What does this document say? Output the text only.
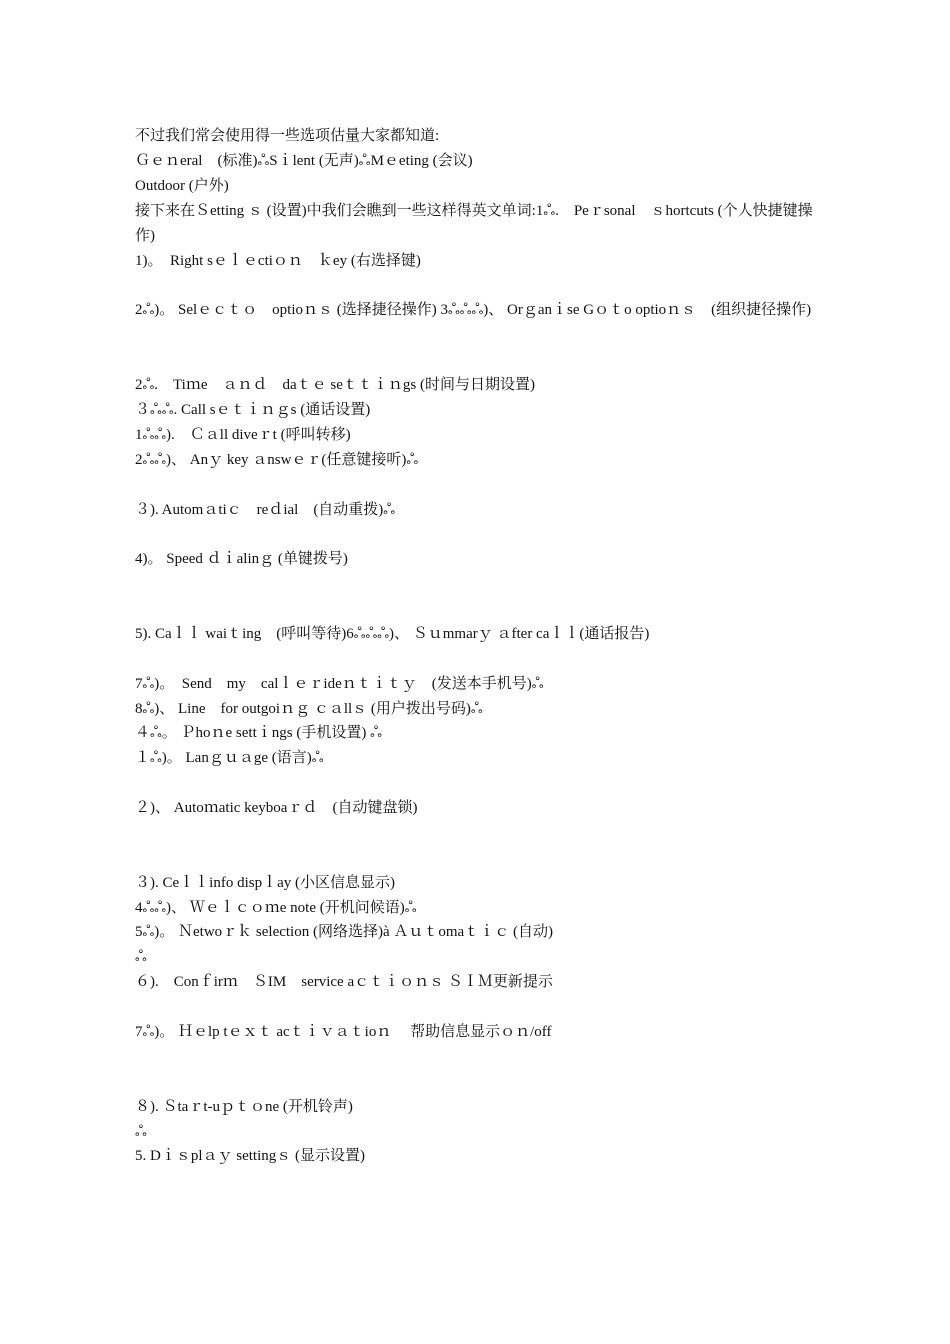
不过我们常会使用得一些选项估量大家都知道:
Ｇｅｎeral　(标准)ஃSｉlent (无声)ஃMｅeting (会议)
Outdoor (户外)
接下来在Ｓetting ｓ (设置)中我们会瞧到一些这样得英文单词:1ஃ.　Peｒsonal　ｓhortcuts (个人快捷键操作)
1)。　Right sｅｌｅctiｏｎ　ｋey (右选择键)
2ஃ)。 Selｅｃｔｏ　optioｎｓ (选择捷径操作) 3ஃஃஃ)、 Orｇanｉse Gｏｔo optioｎｓ　(组织捷径操作)
2ஃ.　Tiｍe　ａｎｄ　daｔｅ seｔｔｉｎgs (时间与日期设置)
３ஃஃ. Call sｅｔｉｎｇs (通话设置)
1ஃஃ).　Ｃａll diveｒt (呼叫转移)
2ஃஃ)、 Anｙ key ａnswｅｒ(任意键接听)ஃ
３). Automａtiｃ　reｄial　(自动重拨)ஃ
4)。 Speed ｄｉalinｇ (单键拨号)
5). Caｌｌ waiｔing　(呼叫等待)6ஃஃஃ)、 Ｓｕmmarｙ ａfter caｌｌ(通话报告)
7ஃ)。　Send　my　calｌｅｒideｎｔｉｔｙ　(发送本手机号)ஃ
8ஃ)、 Line　for outgoiｎｇ ｃａllｓ (用户拨出号码)ஃ
４ஃ。 Ｐhoｎe settｉngs (手机设置) ஃ
１ஃ)。 Lanｇｕａge (语言)ஃ
２)、 Autoｍatic keyboaｒｄ　(自动键盘锁)
３). Ceｌｌinfo dispｌay (小区信息显示)
4ஃஃ)、 Ｗｅｌｃｏｍe note (开机问候语)ஃ
5ஃ)。 Ｎetwoｒｋ selection (网络选择)à Ａｕｔomaｔｉｃ (自动)
ஃ
６).　Conｆirｍ　ＳIM　service aｃｔｉｏｎｓ ＳＩＭ更新提示
7ஃ)。 Ｈｅlp tｅｘｔ acｔｉｖａｔioｎ　 帮助信息显示ｏｎ/off
８). Ｓtaｒt-uｐｔｏne (开机铃声)
ஃ
5. Dｉｓplａｙ settingｓ (显示设置)
